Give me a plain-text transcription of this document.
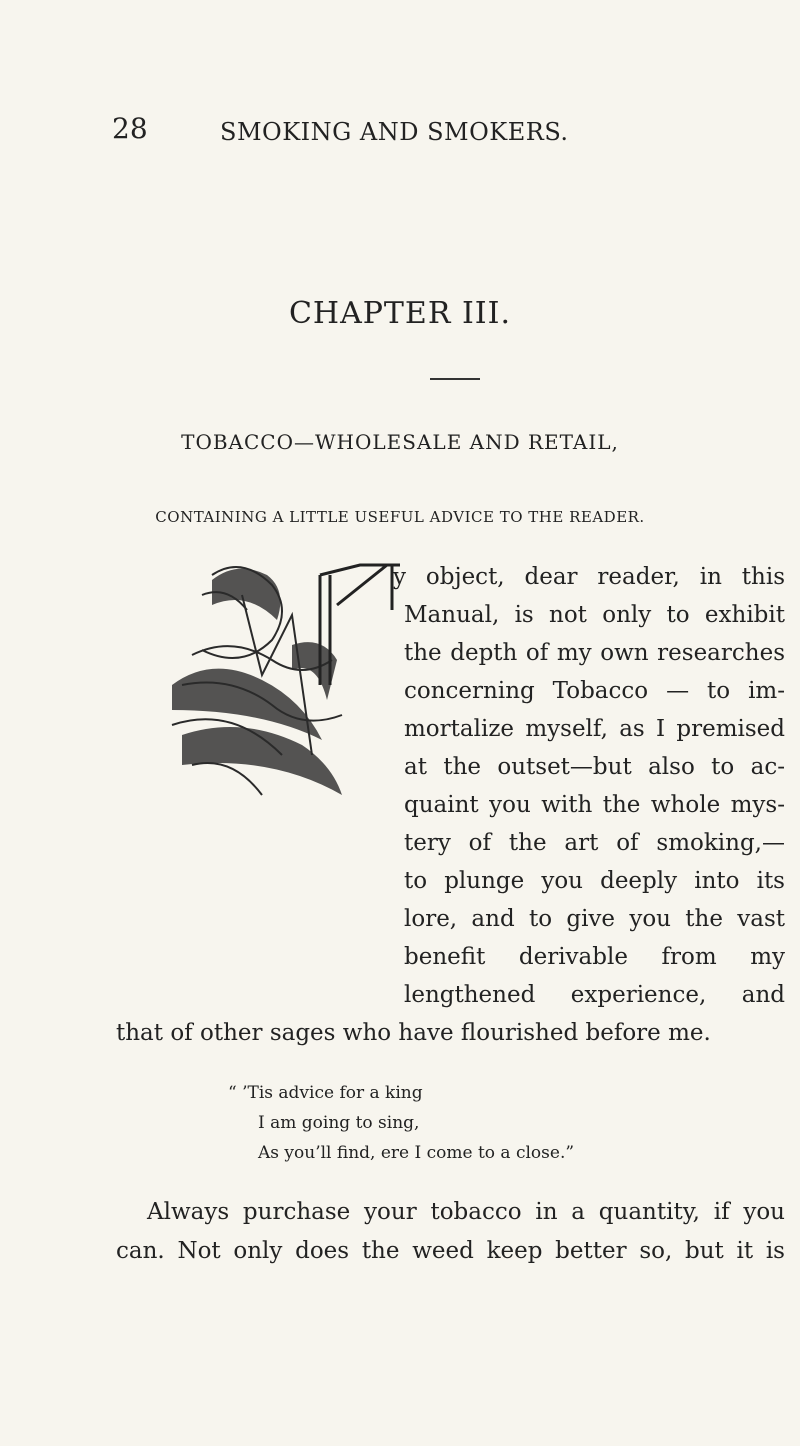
28	SMOKING AND SMOKERS.
CHAPTER III.
TOBACCO—WHOLESALE AND RETAIL,
CONTAINING A LITTLE USEFUL ADVICE TO THE READER.
y object, dear reader, in this
Manual, is not only to exhibit
the depth of my own researches
concerning Tobacco — to im-
mortalize myself, as I premised
at the outset—but also to ac-
quaint you with the whole mys-
tery of the art of smoking,—
to plunge you deeply into its
lore, and to give you the vast
benefit derivable from my
lengthened experience, and
that of other sages who have flourished before me.
“ ’Tis advice for a king
I am going to sing,
As you’ll find, ere I come to a close.”
Always purchase your tobacco in a quantity, if you
can. Not only does the weed keep better so, but it is
